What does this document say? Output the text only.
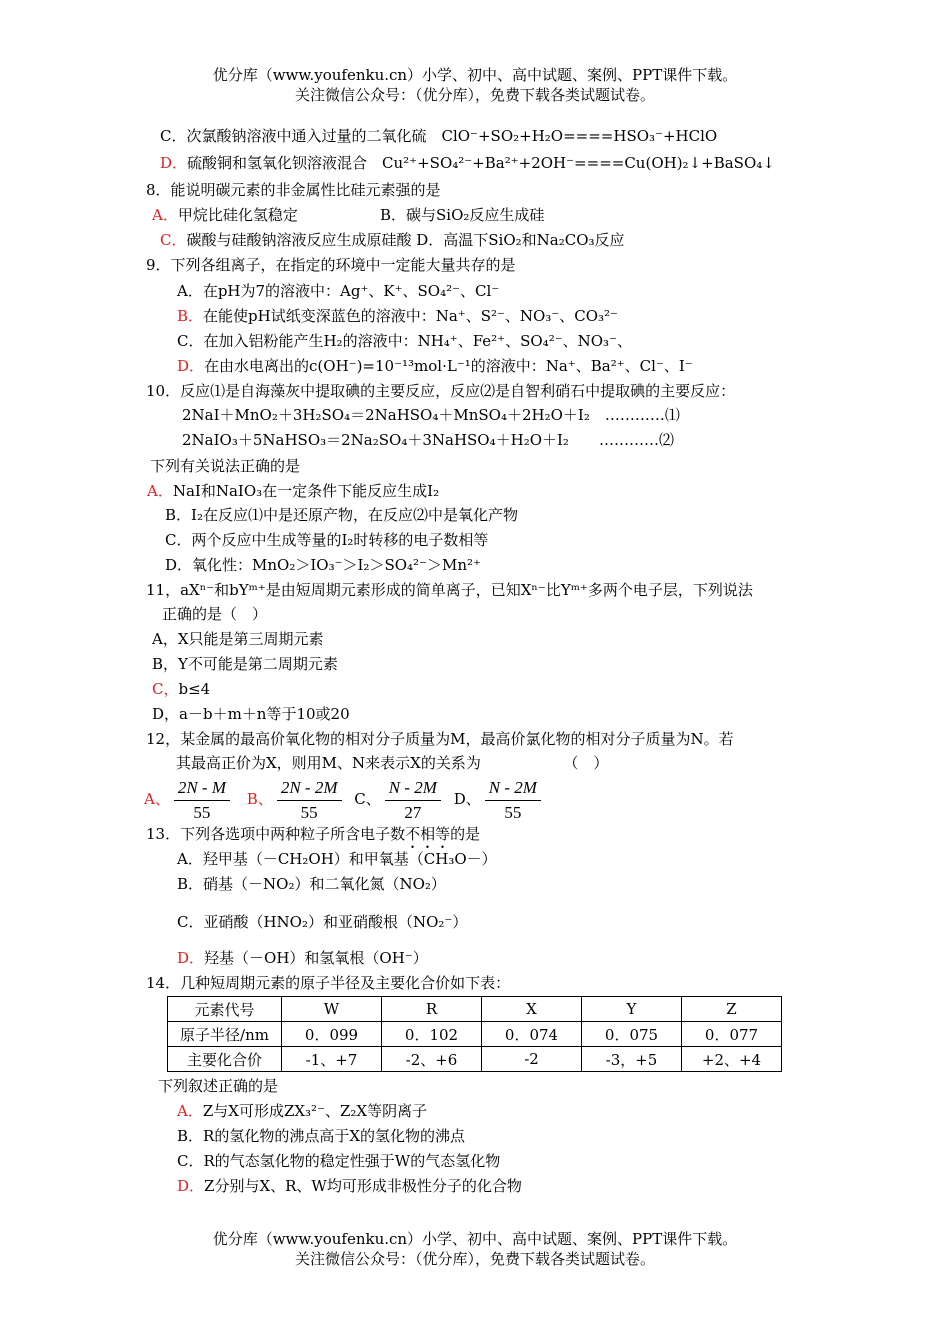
优分库（www.youfenku.cn）小学、初中、高中试题、案例、PPT课件下载。
关注微信公众号：（优分库），免费下载各类试题试卷。
C．次氯酸钠溶液中通入过量的二氧化硫　ClO⁻+SO₂+H₂O====HSO₃⁻+HClO
D．硫酸铜和氢氧化钡溶液混合　Cu²⁺+SO₄²⁻+Ba²⁺+2OH⁻====Cu(OH)₂↓+BaSO₄↓
8．能说明碳元素的非金属性比硅元素强的是
A．甲烷比硅化氢稳定	B．碳与SiO₂反应生成硅
C．碳酸与硅酸钠溶液反应生成原硅酸 D．高温下SiO₂和Na₂CO₃反应
9．下列各组离子，在指定的环境中一定能大量共存的是
A．在pH为7的溶液中：Ag⁺、K⁺、SO₄²⁻、Cl⁻
B．在能使pH试纸变深蓝色的溶液中：Na⁺、S²⁻、NO₃⁻、CO₃²⁻
C．在加入铝粉能产生H₂的溶液中：NH₄⁺、Fe²⁺、SO₄²⁻、NO₃⁻、
D．在由水电离出的c(OH⁻)=10⁻¹³mol·L⁻¹的溶液中：Na⁺、Ba²⁺、Cl⁻、I⁻
10．反应⑴是自海藻灰中提取碘的主要反应，反应⑵是自智利硝石中提取碘的主要反应：
2NaI＋MnO₂＋3H₂SO₄＝2NaHSO₄＋MnSO₄＋2H₂O＋I₂　…………⑴
2NaIO₃＋5NaHSO₃＝2Na₂SO₄＋3NaHSO₄＋H₂O＋I₂　　…………⑵
下列有关说法正确的是
A．NaI和NaIO₃在一定条件下能反应生成I₂
B．I₂在反应⑴中是还原产物，在反应⑵中是氧化产物
C．两个反应中生成等量的I₂时转移的电子数相等
D．氧化性：MnO₂＞IO₃⁻＞I₂＞SO₄²⁻＞Mn²⁺
11，aXⁿ⁻和bYᵐ⁺是由短周期元素形成的简单离子，已知Xⁿ⁻比Yᵐ⁺多两个电子层，下列说法
正确的是（　）
A，X只能是第三周期元素
B，Y不可能是第二周期元素
C，b≤4
D，a－b＋m＋n等于10或20
12，某金属的最高价氧化物的相对分子质量为M，最高价氯化物的相对分子质量为N。若
其最高正价为X，则用M、N来表示X的关系为　　　　　　（　）
A、 $\frac{2N - M}{55}$ B、 $\frac{2N - 2M}{55}$ C、 $\frac{N - 2M}{27}$ D、 $\frac{N - 2M}{55}$
13．下列各选项中两种粒子所含电子数不相等的是
A．羟甲基（－CH₂OH）和甲氧基（CH₃O－）
B．硝基（－NO₂）和二氧化氮（NO₂）
C．亚硝酸（HNO₂）和亚硝酸根（NO₂⁻）
D．羟基（－OH）和氢氧根（OH⁻）
14．几种短周期元素的原子半径及主要化合价如下表：
元素代号	W	R	X	Y	Z
原子半径/nm	0．099	0．102	0．074	0．075	0．077
主要化合价	-1、+7	-2、+6	-2	-3，+5	+2、+4
下列叙述正确的是
A．Z与X可形成ZX₃²⁻、Z₂X等阴离子
B．R的氢化物的沸点高于X的氢化物的沸点
C．R的气态氢化物的稳定性强于W的气态氢化物
D．Z分别与X、R、W均可形成非极性分子的化合物
优分库（www.youfenku.cn）小学、初中、高中试题、案例、PPT课件下载。
关注微信公众号：（优分库），免费下载各类试题试卷。
